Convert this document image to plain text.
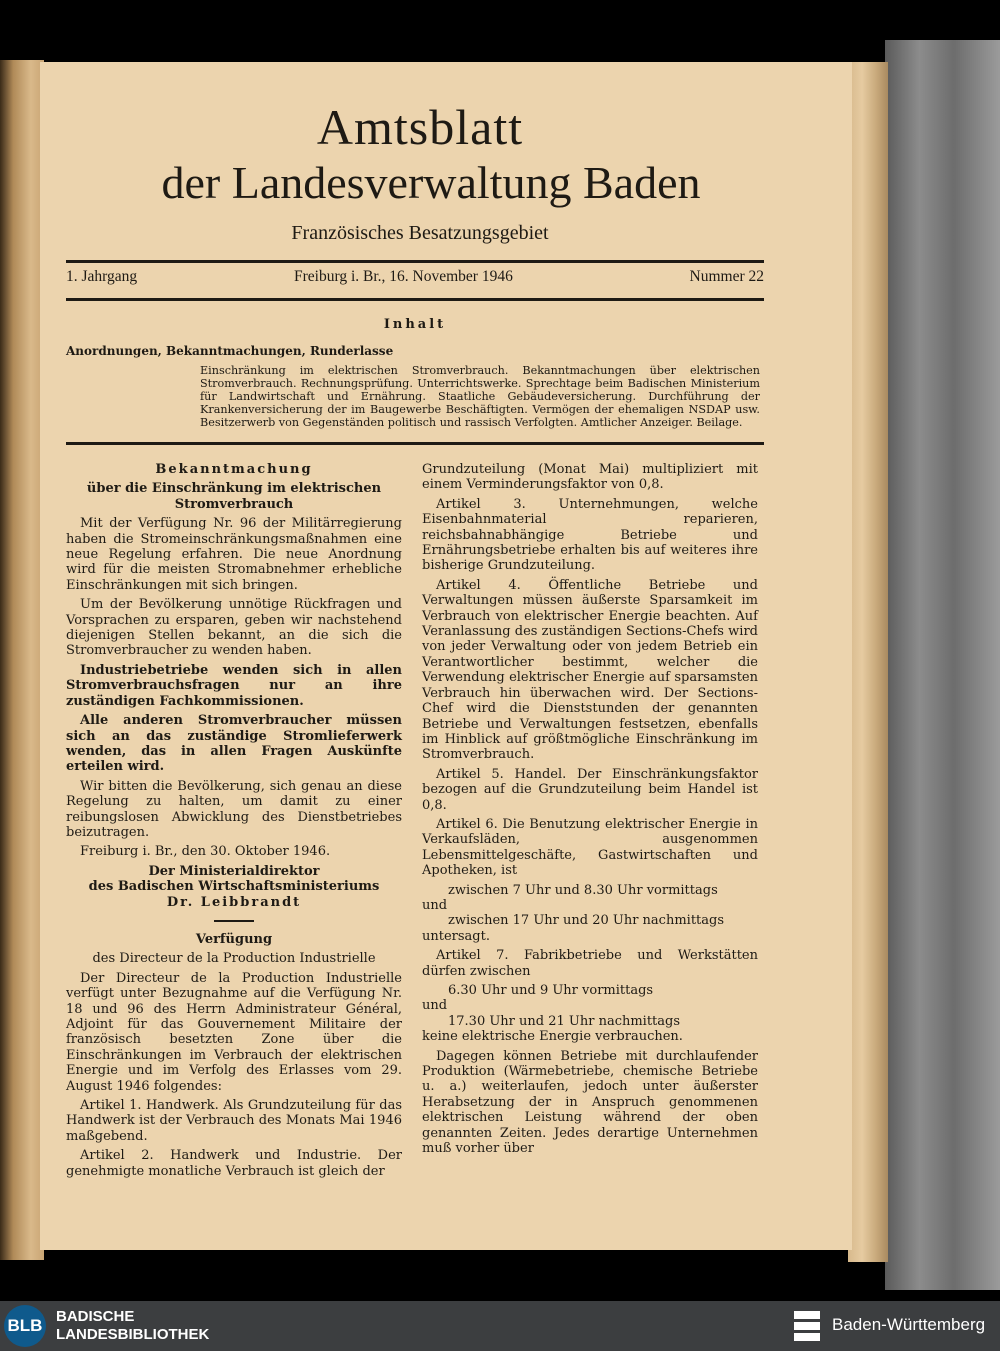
Amtsblatt
der Landesverwaltung Baden
Französisches Besatzungsgebiet
1. Jahrgang	Freiburg i. Br., 16. November 1946	Nummer 22
Inhalt
Anordnungen, Bekanntmachungen, Runderlasse
Einschränkung im elektrischen Stromverbrauch. Bekanntmachungen über elektrischen Stromverbrauch. Rechnungsprüfung. Unterrichtswerke. Sprechtage beim Badischen Ministerium für Landwirtschaft und Ernährung. Staatliche Gebäudeversicherung. Durchführung der Krankenversicherung der im Baugewerbe Beschäftigten. Vermögen der ehemaligen NSDAP usw. Besitzerwerb von Gegenständen politisch und rassisch Verfolgten. Amtlicher Anzeiger. Beilage.

Bekanntmachung

über die Einschränkung im elektrischen Stromverbrauch

Mit der Verfügung Nr. 96 der Militärregierung haben die Stromeinschränkungsmaßnahmen eine neue Regelung erfahren. Die neue Anordnung wird für die meisten Stromabnehmer erhebliche Einschränkungen mit sich bringen.

Um der Bevölkerung unnötige Rückfragen und Vorsprachen zu ersparen, geben wir nachstehend diejenigen Stellen bekannt, an die sich die Stromverbraucher zu wenden haben.

Industriebetriebe wenden sich in allen Stromverbrauchsfragen nur an ihre zuständigen Fachkommissionen.

Alle anderen Stromverbraucher müssen sich an das zuständige Stromlieferwerk wenden, das in allen Fragen Auskünfte erteilen wird.

Wir bitten die Bevölkerung, sich genau an diese Regelung zu halten, um damit zu einer reibungslosen Abwicklung des Dienstbetriebes beizutragen.

Freiburg i. Br., den 30. Oktober 1946.

Der Ministerialdirektor

des Badischen Wirtschaftsministeriums

Dr. Leibbrandt

Verfügung

des Directeur de la Production Industrielle

Der Directeur de la Production Industrielle verfügt unter Bezugnahme auf die Verfügung Nr. 18 und 96 des Herrn Administrateur Général, Adjoint für das Gouvernement Militaire der französisch besetzten Zone über die Einschränkungen im Verbrauch der elektrischen Energie und im Verfolg des Erlasses vom 29. August 1946 folgendes:

Artikel 1. Handwerk. Als Grundzuteilung für das Handwerk ist der Verbrauch des Monats Mai 1946 maßgebend.

Artikel 2. Handwerk und Industrie. Der genehmigte monatliche Verbrauch ist gleich der

Grundzuteilung (Monat Mai) multipliziert mit einem Verminderungsfaktor von 0,8.

Artikel 3. Unternehmungen, welche Eisenbahnmaterial reparieren, reichsbahnabhängige Betriebe und Ernährungsbetriebe erhalten bis auf weiteres ihre bisherige Grundzuteilung.

Artikel 4. Öffentliche Betriebe und Verwaltungen müssen äußerste Sparsamkeit im Verbrauch von elektrischer Energie beachten. Auf Veranlassung des zuständigen Sections-Chefs wird von jeder Verwaltung oder von jedem Betrieb ein Verantwortlicher bestimmt, welcher die Verwendung elektrischer Energie auf sparsamsten Verbrauch hin überwachen wird. Der Sections-Chef wird die Dienststunden der genannten Betriebe und Verwaltungen festsetzen, ebenfalls im Hinblick auf größtmögliche Einschränkung im Stromverbrauch.

Artikel 5. Handel. Der Einschränkungsfaktor bezogen auf die Grundzuteilung beim Handel ist 0,8.

Artikel 6. Die Benutzung elektrischer Energie in Verkaufsläden, ausgenommen Lebensmittelgeschäfte, Gastwirtschaften und Apotheken, ist

zwischen 7 Uhr und 8.30 Uhr vormittags

und

zwischen 17 Uhr und 20 Uhr nachmittags

untersagt.

Artikel 7. Fabrikbetriebe und Werkstätten dürfen zwischen

6.30 Uhr und 9 Uhr vormittags

und

17.30 Uhr und 21 Uhr nachmittags

keine elektrische Energie verbrauchen.

Dagegen können Betriebe mit durchlaufender Produktion (Wärmebetriebe, chemische Betriebe u. a.) weiterlaufen, jedoch unter äußerster Herabsetzung der in Anspruch genommenen elektrischen Leistung während der oben genannten Zeiten. Jedes derartige Unternehmen muß vorher über

BLB BADISCHE
LANDESBIBLIOTHEK
Baden-Württemberg
